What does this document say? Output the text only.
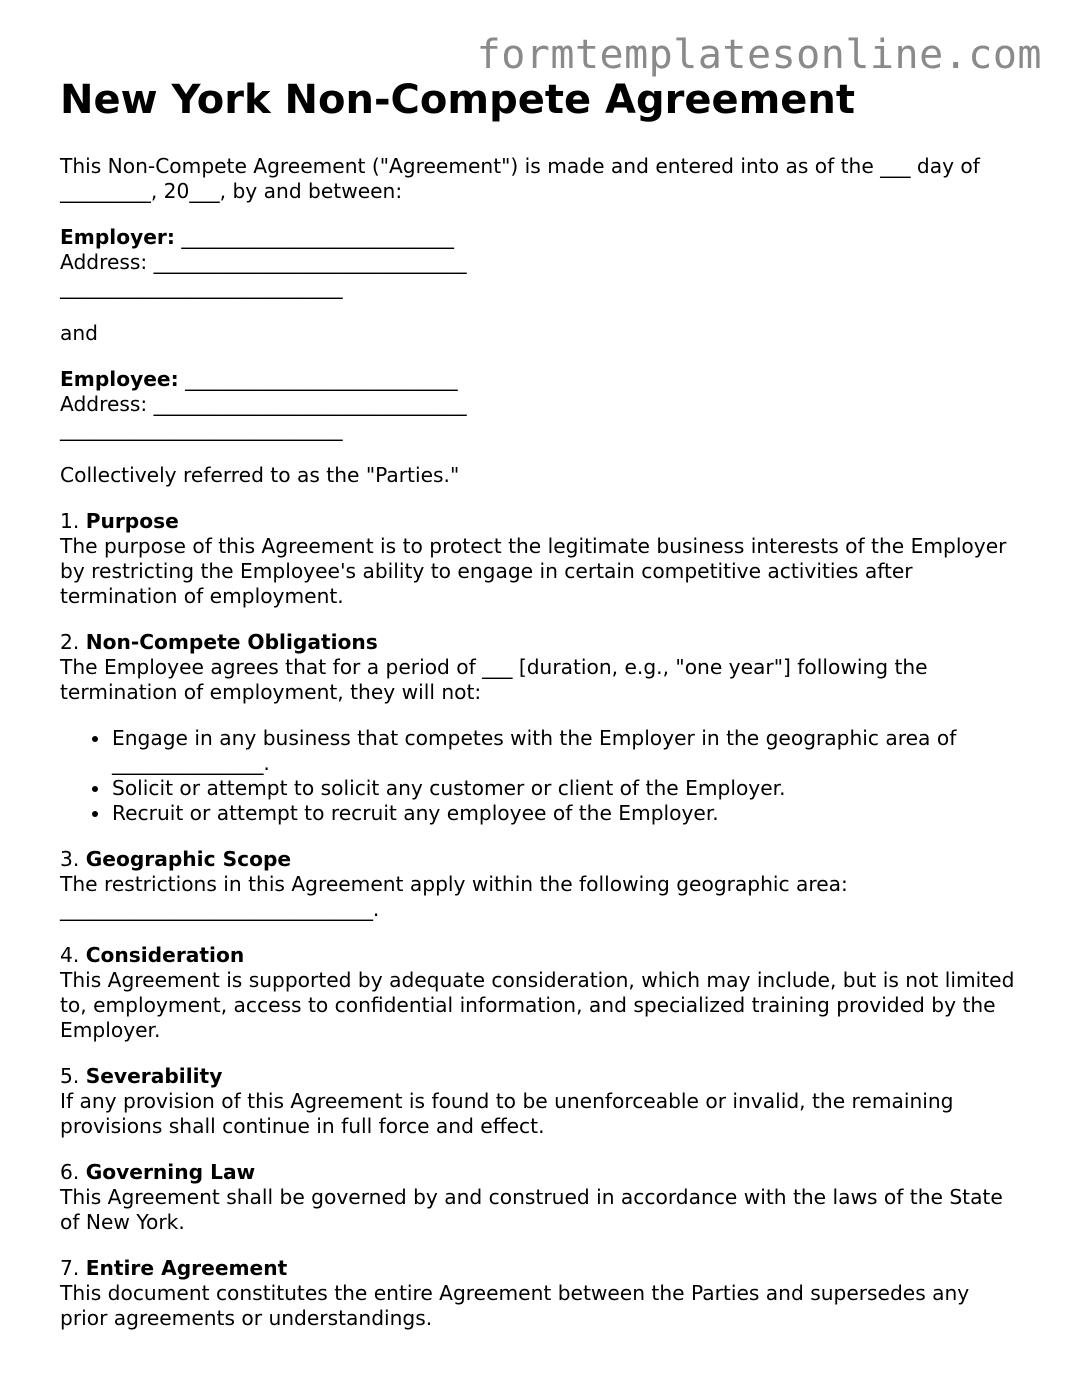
formtemplatesonline.com
New York Non-Compete Agreement

This Non-Compete Agreement ("Agreement") is made and entered into as of the ___ day of _________, 20___, by and between:

Employer: ___________________________
Address: _______________________________
____________________________

and

Employee: ___________________________
Address: _______________________________
____________________________

Collectively referred to as the "Parties."

1. Purpose
The purpose of this Agreement is to protect the legitimate business interests of the Employer by restricting the Employee's ability to engage in certain competitive activities after termination of employment.
2. Non-Compete Obligations
The Employee agrees that for a period of ___ [duration, e.g., "one year"] following the termination of employment, they will not:
Engage in any business that competes with the Employer in the geographic area of _______________.
Solicit or attempt to solicit any customer or client of the Employer.
Recruit or attempt to recruit any employee of the Employer.
3. Geographic Scope
The restrictions in this Agreement apply within the following geographic area: _______________________________.
4. Consideration
This Agreement is supported by adequate consideration, which may include, but is not limited to, employment, access to confidential information, and specialized training provided by the Employer.
5. Severability
If any provision of this Agreement is found to be unenforceable or invalid, the remaining provisions shall continue in full force and effect.
6. Governing Law
This Agreement shall be governed by and construed in accordance with the laws of the State of New York.
7. Entire Agreement
This document constitutes the entire Agreement between the Parties and supersedes any prior agreements or understandings.
